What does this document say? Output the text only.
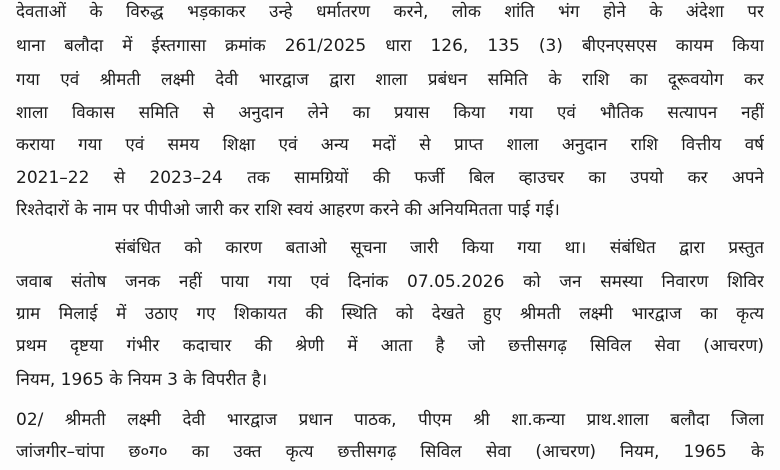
देवताओं के विरुद्ध भड़काकर उन्हे धर्मातरण करने, लोक शांति भंग होने के अंदेशा पर
थाना बलौदा में ईस्तगासा क्रमांक 261/2025 धारा 126, 135 (3) बीएनएसएस कायम किया
गया एवं श्रीमती लक्ष्मी देवी भारद्वाज द्वारा शाला प्रबंधन समिति के राशि का दूरूवयोग कर
शाला विकास समिति से अनुदान लेने का प्रयास किया गया एवं भौतिक सत्यापन नहीं
कराया गया एवं समय शिक्षा एवं अन्य मदों से प्राप्त शाला अनुदान राशि वित्तीय वर्ष
2021–22 से 2023–24 तक सामग्रियों की फर्जी बिल व्हाउचर का उपयो कर अपने
रिश्तेदारों के नाम पर पीपीओ जारी कर राशि स्वयं आहरण करने की अनियमितता पाई गई।
संबंधित को कारण बताओ सूचना जारी किया गया था। संबंधित द्वारा प्रस्तुत
जवाब संतोष जनक नहीं पाया गया एवं दिनांक 07.05.2026 को जन समस्या निवारण शिविर
ग्राम मिलाई में उठाए गए शिकायत की स्थिति को देखते हुए श्रीमती लक्ष्मी भारद्वाज का कृत्य
प्रथम दृष्टया गंभीर कदाचार की श्रेणी में आता है जो छत्तीसगढ़ सिविल सेवा (आचरण)
नियम, 1965 के नियम 3 के विपरीत है।
02/ श्रीमती लक्ष्मी देवी भारद्वाज प्रधान पाठक, पीएम श्री शा.कन्या प्राथ.शाला बलौदा जिला
जांजगीर–चांपा छ०ग० का उक्त कृत्य छत्तीसगढ़ सिविल सेवा (आचरण) नियम, 1965 के
